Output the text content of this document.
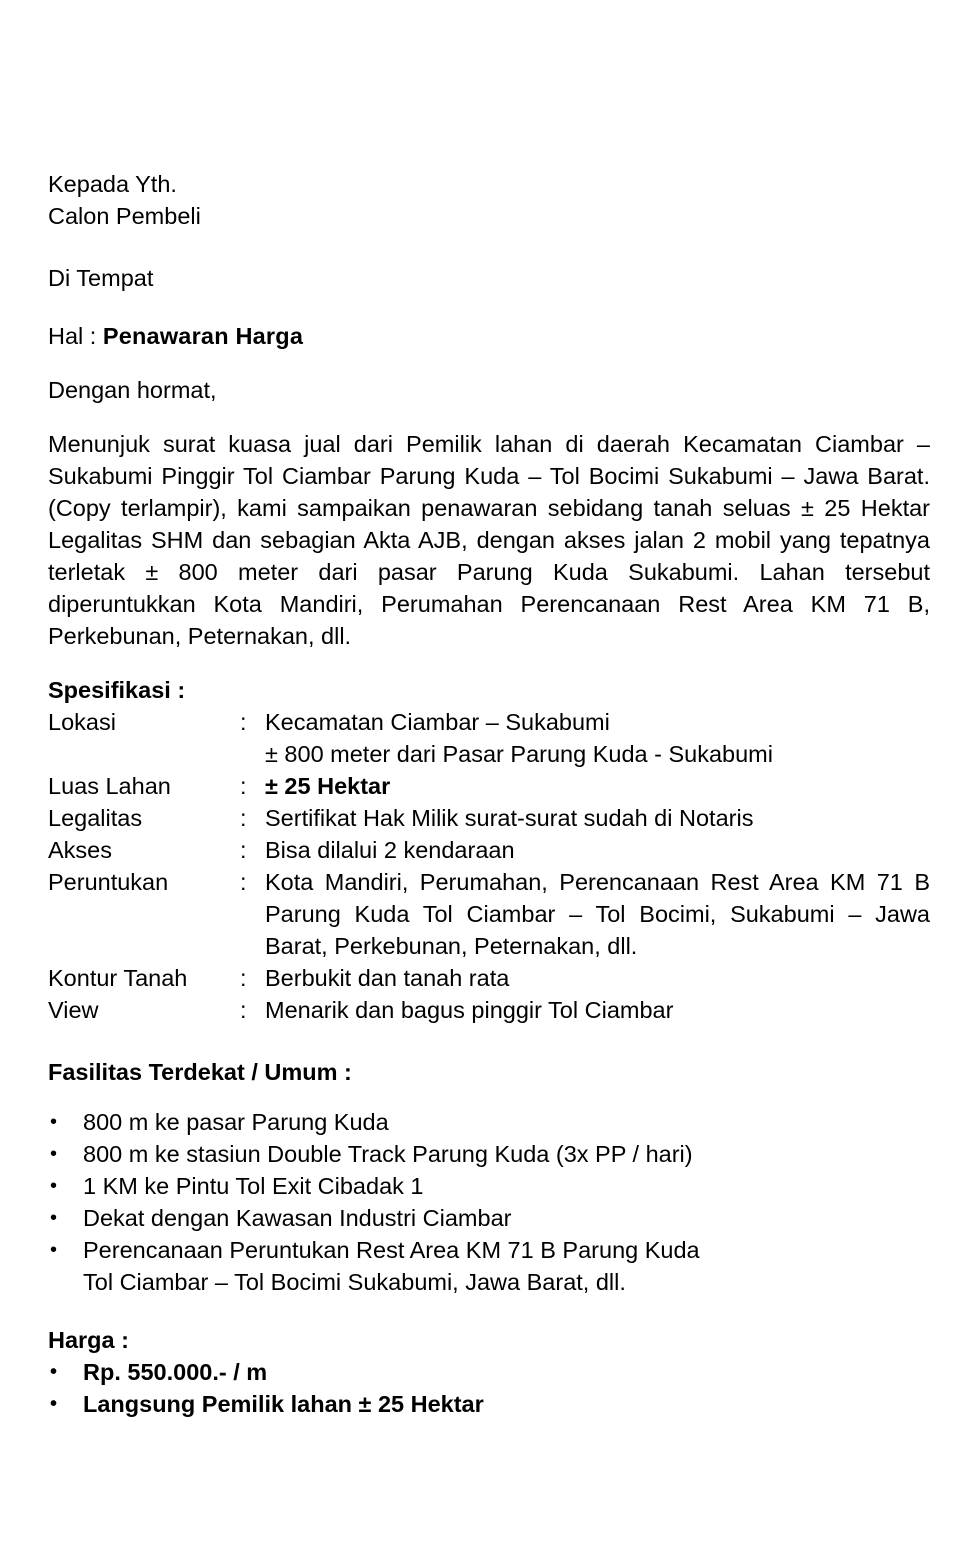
Kepada Yth.
Calon Pembeli
Di Tempat
Hal : Penawaran Harga
Dengan hormat,

Menunjuk surat kuasa jual dari Pemilik lahan di daerah Kecamatan Ciambar – Sukabumi Pinggir Tol Ciambar Parung Kuda – Tol Bocimi Sukabumi – Jawa Barat. (Copy terlampir), kami sampaikan penawaran sebidang tanah seluas ± 25 Hektar Legalitas SHM dan sebagian Akta AJB, dengan akses jalan 2 mobil yang tepatnya terletak ± 800 meter dari pasar Parung Kuda Sukabumi. Lahan tersebut diperuntukkan Kota Mandiri, Perumahan Perencanaan Rest Area KM 71 B, Perkebunan, Peternakan, dll.

Spesifikasi :
Lokasi	:	Kecamatan Ciambar – Sukabumi
± 800 meter dari Pasar Parung Kuda - Sukabumi
Luas Lahan	:	± 25 Hektar
Legalitas	:	Sertifikat Hak Milik surat-surat sudah di Notaris
Akses	:	Bisa dilalui 2 kendaraan
Peruntukan	:	Kota Mandiri, Perumahan, Perencanaan Rest Area KM 71 B Parung Kuda Tol Ciambar – Tol Bocimi, Sukabumi – Jawa Barat, Perkebunan, Peternakan, dll.
Kontur Tanah	:	Berbukit dan tanah rata
View	:	Menarik dan bagus pinggir Tol Ciambar
Fasilitas Terdekat / Umum :
• 800 m ke pasar Parung Kuda
• 800 m ke stasiun Double Track Parung Kuda (3x PP / hari)
• 1 KM ke Pintu Tol Exit Cibadak 1
• Dekat dengan Kawasan Industri Ciambar
• Perencanaan Peruntukan Rest Area KM 71 B Parung Kuda
Tol Ciambar – Tol Bocimi Sukabumi, Jawa Barat, dll.
Harga :
• Rp. 550.000.- / m
• Langsung Pemilik lahan ± 25 Hektar
